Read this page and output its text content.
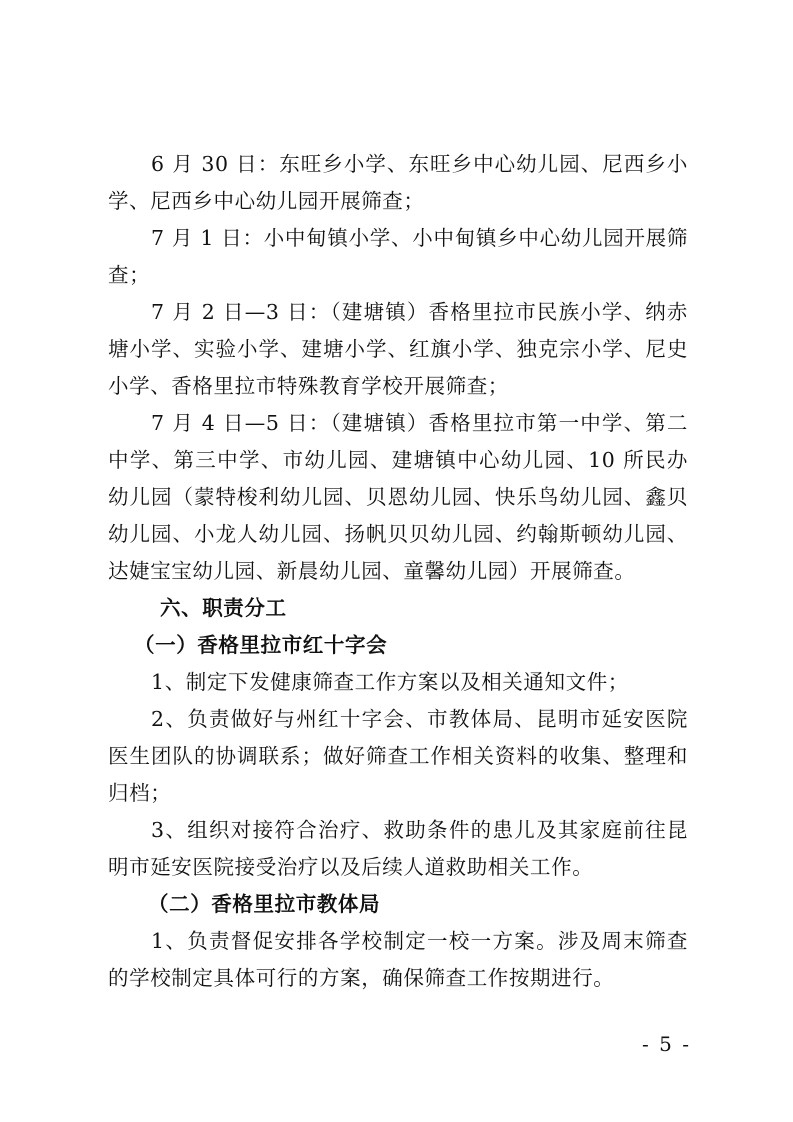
6 月 30 日：东旺乡小学、东旺乡中心幼儿园、尼西乡小学、尼西乡中心幼儿园开展筛查；

7 月 1 日：小中甸镇小学、小中甸镇乡中心幼儿园开展筛查；

7 月 2 日—3 日：（建塘镇）香格里拉市民族小学、纳赤塘小学、实验小学、建塘小学、红旗小学、独克宗小学、尼史小学、香格里拉市特殊教育学校开展筛查；

7 月 4 日—5 日：（建塘镇）香格里拉市第一中学、第二中学、第三中学、市幼儿园、建塘镇中心幼儿园、10 所民办幼儿园（蒙特梭利幼儿园、贝恩幼儿园、快乐鸟幼儿园、鑫贝幼儿园、小龙人幼儿园、扬帆贝贝幼儿园、约翰斯顿幼儿园、达婕宝宝幼儿园、新晨幼儿园、童馨幼儿园）开展筛查。

六、职责分工

（一）香格里拉市红十字会

1、制定下发健康筛查工作方案以及相关通知文件；

2、负责做好与州红十字会、市教体局、昆明市延安医院医生团队的协调联系；做好筛查工作相关资料的收集、整理和归档；

3、组织对接符合治疗、救助条件的患儿及其家庭前往昆明市延安医院接受治疗以及后续人道救助相关工作。

（二）香格里拉市教体局

1、负责督促安排各学校制定一校一方案。涉及周末筛查的学校制定具体可行的方案，确保筛查工作按期进行。

- 5 -
